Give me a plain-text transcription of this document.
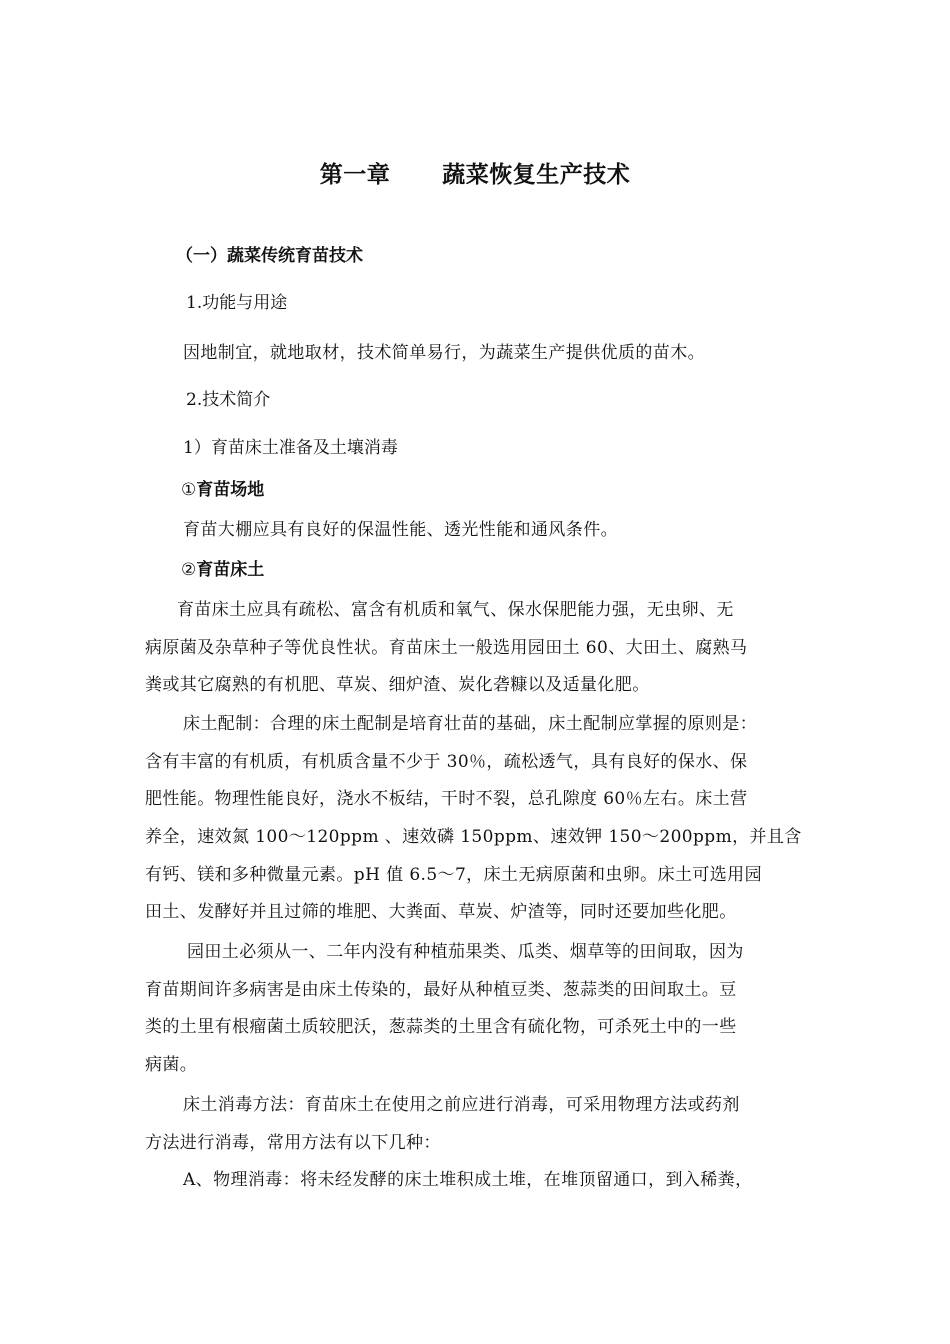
第一章 蔬菜恢复生产技术

（一）蔬菜传统育苗技术

1.功能与用途

因地制宜，就地取材，技术简单易行，为蔬菜生产提供优质的苗木。

2.技术简介

1）育苗床土准备及土壤消毒

①育苗场地

育苗大棚应具有良好的保温性能、透光性能和通风条件。

②育苗床土

育苗床土应具有疏松、富含有机质和氧气、保水保肥能力强，无虫卵、无
病原菌及杂草种子等优良性状。育苗床土一般选用园田土 60、大田土、腐熟马
粪或其它腐熟的有机肥、草炭、细炉渣、炭化砻糠以及适量化肥。
床土配制：合理的床土配制是培育壮苗的基础，床土配制应掌握的原则是：
含有丰富的有机质，有机质含量不少于 30％，疏松透气，具有良好的保水、保
肥性能。物理性能良好，浇水不板结，干时不裂，总孔隙度 60％左右。床土营
养全，速效氮 100～120ppm 、速效磷 150ppm、速效钾 150～200ppm，并且含
有钙、镁和多种微量元素。pH 值 6.5～7，床土无病原菌和虫卵。床土可选用园
田土、发酵好并且过筛的堆肥、大粪面、草炭、炉渣等，同时还要加些化肥。
园田土必须从一、二年内没有种植茄果类、瓜类、烟草等的田间取，因为
育苗期间许多病害是由床土传染的，最好从种植豆类、葱蒜类的田间取土。豆
类的土里有根瘤菌土质较肥沃，葱蒜类的土里含有硫化物，可杀死土中的一些
病菌。
床土消毒方法：育苗床土在使用之前应进行消毒，可采用物理方法或药剂
方法进行消毒，常用方法有以下几种：
A、物理消毒：将未经发酵的床土堆积成土堆，在堆顶留通口，到入稀粪，
